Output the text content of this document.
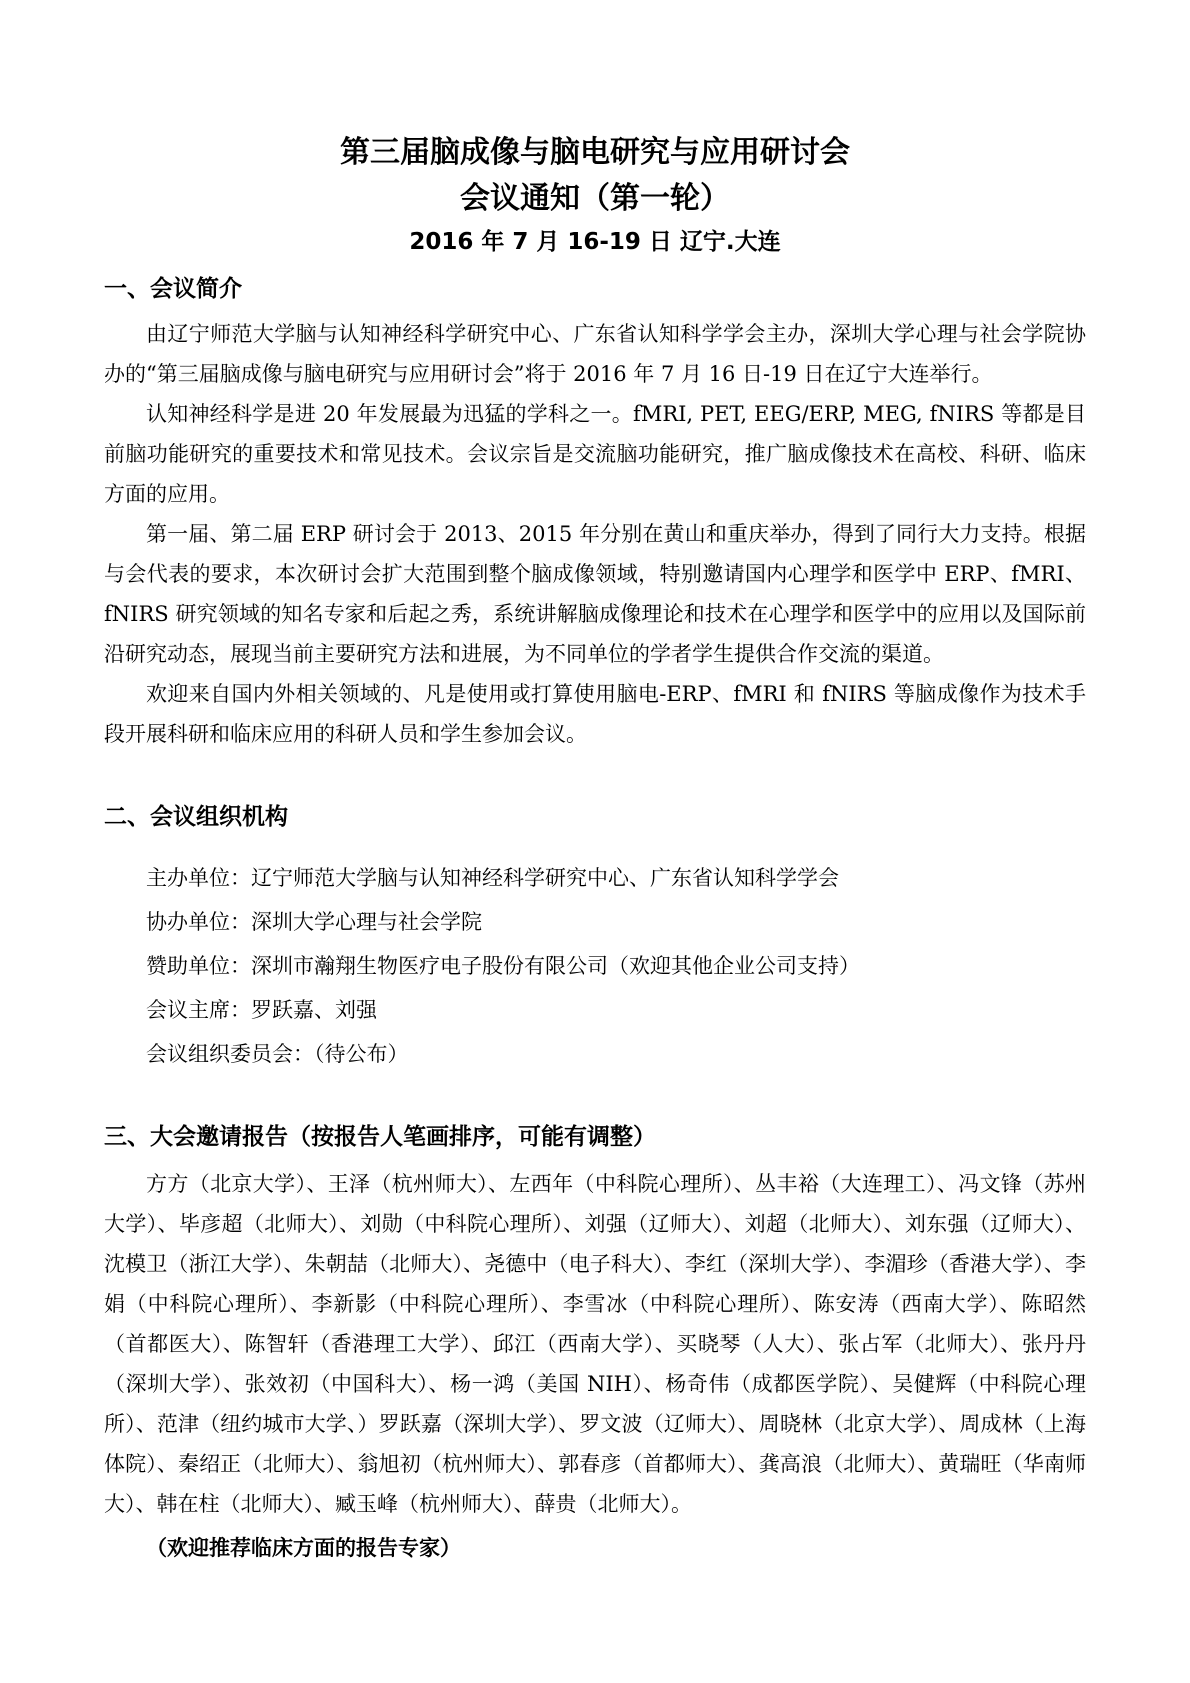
第三届脑成像与脑电研究与应用研讨会
会议通知（第一轮）
2016 年 7 月 16-19 日 辽宁.大连
一、会议简介

由辽宁师范大学脑与认知神经科学研究中心、广东省认知科学学会主办，深圳大学心理与社会学院协办的“第三届脑成像与脑电研究与应用研讨会”将于 2016 年 7 月 16 日-19 日在辽宁大连举行。

认知神经科学是进 20 年发展最为迅猛的学科之一。fMRI, PET, EEG/ERP, MEG, fNIRS 等都是目前脑功能研究的重要技术和常见技术。会议宗旨是交流脑功能研究，推广脑成像技术在高校、科研、临床方面的应用。

第一届、第二届 ERP 研讨会于 2013、2015 年分别在黄山和重庆举办，得到了同行大力支持。根据与会代表的要求，本次研讨会扩大范围到整个脑成像领域，特别邀请国内心理学和医学中 ERP、fMRI、fNIRS 研究领域的知名专家和后起之秀，系统讲解脑成像理论和技术在心理学和医学中的应用以及国际前沿研究动态，展现当前主要研究方法和进展，为不同单位的学者学生提供合作交流的渠道。

欢迎来自国内外相关领域的、凡是使用或打算使用脑电-ERP、fMRI 和 fNIRS 等脑成像作为技术手段开展科研和临床应用的科研人员和学生参加会议。

二、会议组织机构

主办单位：辽宁师范大学脑与认知神经科学研究中心、广东省认知科学学会

协办单位：深圳大学心理与社会学院

赞助单位：深圳市瀚翔生物医疗电子股份有限公司（欢迎其他企业公司支持）

会议主席：罗跃嘉、刘强

会议组织委员会：（待公布）

三、大会邀请报告（按报告人笔画排序，可能有调整）

方方（北京大学）、王泽（杭州师大）、左西年（中科院心理所）、丛丰裕（大连理工）、冯文锋（苏州大学）、毕彦超（北师大）、刘勋（中科院心理所）、刘强（辽师大）、刘超（北师大）、刘东强（辽师大）、沈模卫（浙江大学）、朱朝喆（北师大）、尧德中（电子科大）、李红（深圳大学）、李湄珍（香港大学）、李娟（中科院心理所）、李新影（中科院心理所）、李雪冰（中科院心理所）、陈安涛（西南大学）、陈昭然（首都医大）、陈智轩（香港理工大学）、邱江（西南大学）、买晓琴（人大）、张占军（北师大）、张丹丹（深圳大学）、张效初（中国科大）、杨一鸿（美国 NIH）、杨奇伟（成都医学院）、吴健辉（中科院心理所）、范津（纽约城市大学、）罗跃嘉（深圳大学）、罗文波（辽师大）、周晓林（北京大学）、周成林（上海体院）、秦绍正（北师大）、翁旭初（杭州师大）、郭春彦（首都师大）、龚高浪（北师大）、黄瑞旺（华南师大）、韩在柱（北师大）、臧玉峰（杭州师大）、薛贵（北师大）。

（欢迎推荐临床方面的报告专家）
